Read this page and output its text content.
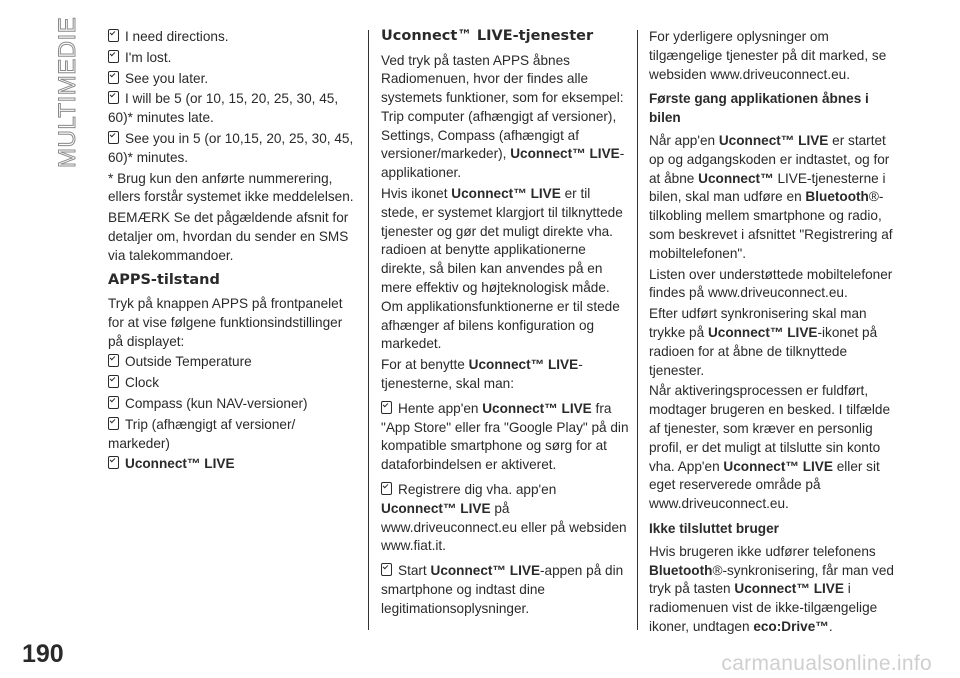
MULTIMEDIE	I need directions.

I'm lost.

See you later.

I will be 5 (or 10, 15, 20, 25, 30, 45, 60)* minutes late.

See you in 5 (or 10,15, 20, 25, 30, 45, 60)* minutes.

* Brug kun den anførte nummerering, ellers forstår systemet ikke meddelelsen.

BEMÆRK Se det pågældende afsnit for detaljer om, hvordan du sender en SMS via talekommandoer.

APPS-tilstand

Tryk på knappen APPS på frontpanelet for at vise følgene funktionsindstillinger på displayet:

Outside Temperature

Clock

Compass (kun NAV-versioner)

Trip (afhængigt af versioner/ markeder)

Uconnect™ LIVE

Uconnect™ LIVE-tjenester

Ved tryk på tasten APPS åbnes Radiomenuen, hvor der findes alle systemets funktioner, som for eksempel: Trip computer (afhængigt af versioner), Settings, Compass (afhængigt af versioner/markeder), Uconnect™ LIVE-applikationer.

Hvis ikonet Uconnect™ LIVE er til stede, er systemet klargjort til tilknyttede tjenester og gør det muligt direkte vha. radioen at benytte applikationerne direkte, så bilen kan anvendes på en mere effektiv og højteknologisk måde. Om applikationsfunktionerne er til stede afhænger af bilens konfiguration og markedet.

For at benytte Uconnect™ LIVE-tjenesterne, skal man:

Hente app'en Uconnect™ LIVE fra "App Store" eller fra "Google Play" på din kompatible smartphone og sørg for at dataforbindelsen er aktiveret.

Registrere dig vha. app'en Uconnect™ LIVE på www.driveuconnect.eu eller på websiden www.fiat.it.

Start Uconnect™ LIVE-appen på din smartphone og indtast dine legitimationsoplysninger.

For yderligere oplysninger om tilgængelige tjenester på dit marked, se websiden www.driveuconnect.eu.

Første gang applikationen åbnes i bilen

Når app'en Uconnect™ LIVE er startet op og adgangskoden er indtastet, og for at åbne Uconnect™ LIVE-tjenesterne i bilen, skal man udføre en Bluetooth®-tilkobling mellem smartphone og radio, som beskrevet i afsnittet "Registrering af mobiltelefonen".

Listen over understøttede mobiltelefoner findes på www.driveuconnect.eu.

Efter udført synkronisering skal man trykke på Uconnect™ LIVE-ikonet på radioen for at åbne de tilknyttede tjenester.

Når aktiveringsprocessen er fuldført, modtager brugeren en besked. I tilfælde af tjenester, som kræver en personlig profil, er det muligt at tilslutte sin konto vha. App'en Uconnect™ LIVE eller sit eget reserverede område på www.driveuconnect.eu.

Ikke tilsluttet bruger

Hvis brugeren ikke udfører telefonens Bluetooth®-synkronisering, får man ved tryk på tasten Uconnect™ LIVE i radiomenuen vist de ikke-tilgængelige ikoner, undtagen eco:Drive™.

190	carmanualsonline.info
